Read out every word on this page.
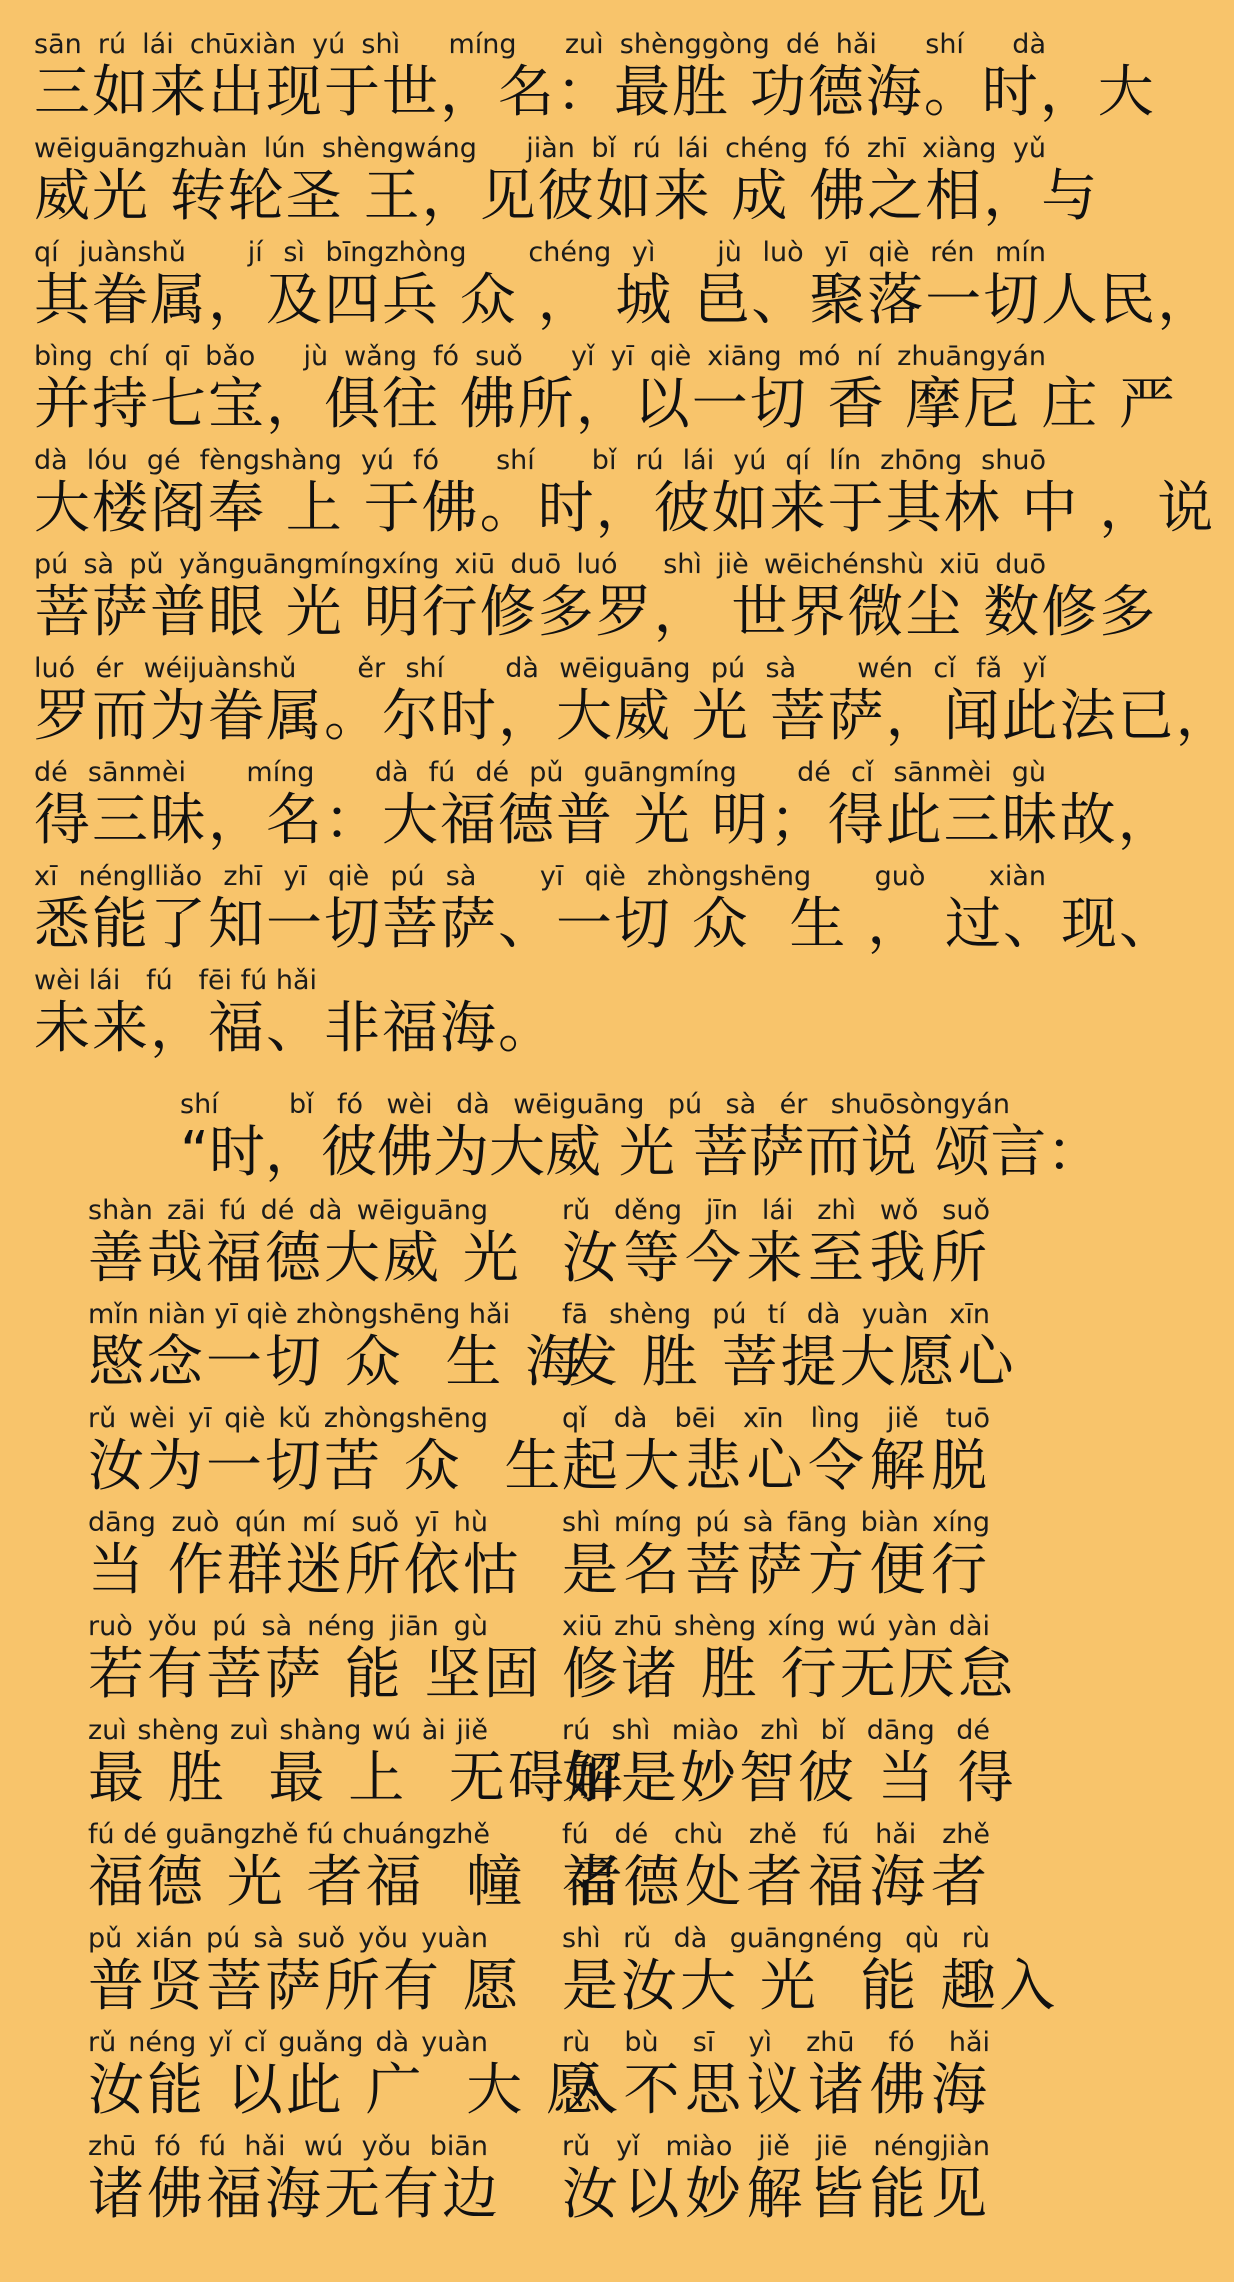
sān rú lái chūxiàn yú shì   míng   zuì shènggòng dé hǎi   shí   dà
三如来出现于世，名：最胜 功德海。时，大
wēiguāngzhuàn lún shèngwáng   jiàn bǐ rú lái chéng fó zhī xiàng yǔ
威光 转轮圣 王，见彼如来 成 佛之相，与
qí juànshǔ   jí sì bīngzhòng   chéng yì   jù luò yī qiè rén mín
其眷属，及四兵 众 ， 城 邑、聚落一切人民，
bìng chí qī bǎo   jù wǎng fó suǒ   yǐ yī qiè xiāng mó ní zhuāngyán
并持七宝，俱往 佛所，以一切 香 摩尼 庄 严
dà lóu gé fèngshàng yú fó   shí   bǐ rú lái yú qí lín zhōng shuō
大楼阁奉 上 于佛。时，彼如来于其林 中 ，说
pú sà pǔ yǎnguāngmíngxíng xiū duō luó   shì jiè wēichénshù xiū duō
菩萨普眼 光 明行修多罗， 世界微尘 数修多
luó ér wéijuànshǔ   ěr shí   dà wēiguāng pú sà   wén cǐ fǎ yǐ
罗而为眷属。尔时，大威 光 菩萨，闻此法已，
dé sānmèi   míng   dà fú dé pǔ guāngmíng   dé cǐ sānmèi gù
得三昧，名：大福德普 光 明；得此三昧故，
xī nénglliǎo zhī yī qiè pú sà   yī qiè zhòngshēng   guò   xiàn
悉能了知一切菩萨、一切 众  生 ， 过、现、
wèi lái   fú   fēi fú hǎi
未来，福、非福海。
shí   bǐ fó wèi dà wēiguāng pú sà ér shuōsòngyán
“时，彼佛为大威 光 菩萨而说 颂言：
shàn zāi fú dé dà wēiguāng
善哉福德大威 光
rǔ děng jīn lái zhì wǒ suǒ
汝等今来至我所
mǐn niàn yī qiè zhòngshēng hǎi
愍念一切 众  生 海
fā shèng pú tí dà yuàn xīn
发 胜 菩提大愿心
rǔ wèi yī qiè kǔ zhòngshēng
汝为一切苦 众  生
qǐ dà bēi xīn lìng jiě tuō
起大悲心令解脱
dāng zuò qún mí suǒ yī hù
当 作群迷所依怙
shì míng pú sà fāng biàn xíng
是名菩萨方便行
ruò yǒu pú sà néng jiān gù
若有菩萨 能 坚固
xiū zhū shèng xíng wú yàn dài
修诸 胜 行无厌怠
zuì shèng zuì shàng wú ài jiě
最 胜  最 上  无碍解
rú shì miào zhì bǐ dāng dé
如是妙智彼 当 得
fú dé guāngzhě fú chuángzhě
福德 光 者福  幢  者
fú dé chù zhě fú hǎi zhě
福德处者福海者
pǔ xián pú sà suǒ yǒu yuàn
普贤菩萨所有 愿
shì rǔ dà guāngnéng qù rù
是汝大 光  能 趣入
rǔ néng yǐ cǐ guǎng dà yuàn
汝能 以此 广  大 愿
rù bù sī yì zhū fó hǎi
入不思议诸佛海
zhū fó fú hǎi wú yǒu biān
诸佛福海无有边
rǔ yǐ miào jiě jiē néngjiàn
汝以妙解皆能见
